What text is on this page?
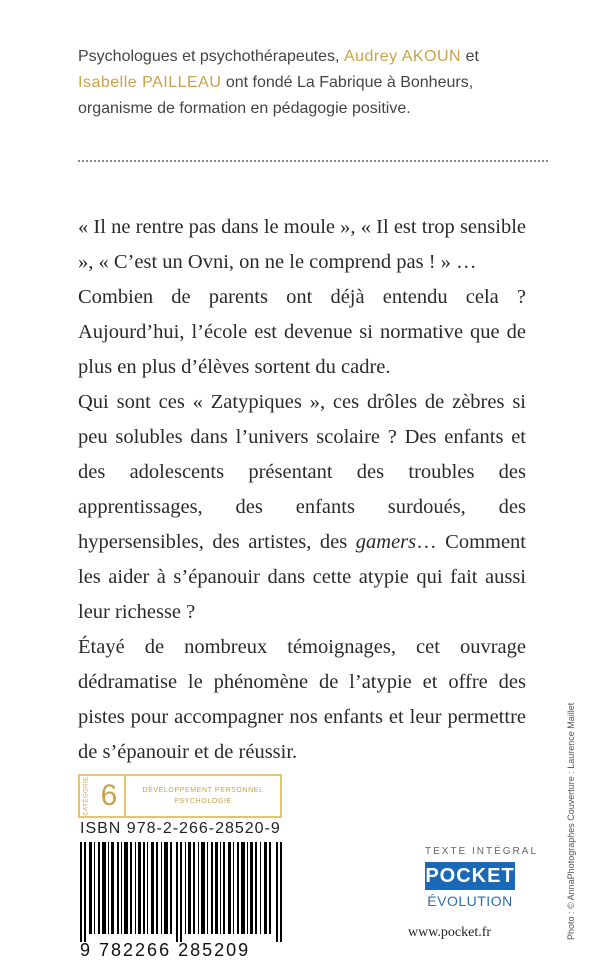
Psychologues et psychothérapeutes, Audrey AKOUN et
Isabelle PAILLEAU ont fondé La Fabrique à Bonheurs,
organisme de formation en pédagogie positive.

« Il ne rentre pas dans le moule », « Il est trop sensible », « C’est un Ovni, on ne le comprend pas ! » …

Combien de parents ont déjà entendu cela ? Aujourd’hui, l’école est devenue si normative que de plus en plus d’élèves sortent du cadre.

Qui sont ces « Zatypiques », ces drôles de zèbres si peu solubles dans l’univers scolaire ? Des enfants et des adolescents présentant des troubles des apprentissages, des enfants surdoués, des hypersensibles, des artistes, des gamers… Comment les aider à s’épanouir dans cette atypie qui fait aussi leur richesse ?

Étayé de nombreux témoignages, cet ouvrage dédramatise le phénomène de l’atypie et offre des pistes pour accompagner nos enfants et leur permettre de s’épanouir et de réussir.

CATÉGORIE 6	DÉVELOPPEMENT PERSONNEL
PSYCHOLOGIE
ISBN 978-2-266-28520-9
9 782266 285209
TEXTE INTÉGRAL
POCKET
ÉVOLUTION
www.pocket.fr	Photo : © AnnaPhotographes Couverture : Laurence Maillet
